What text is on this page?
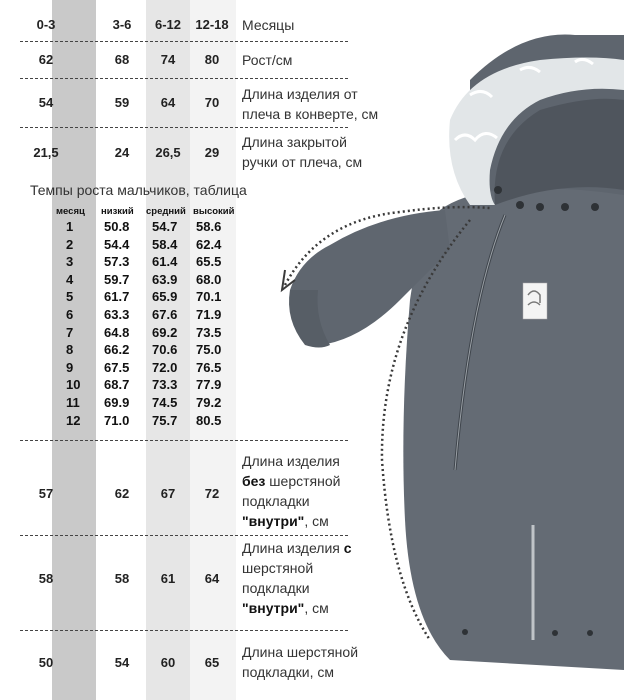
0-3	3-6	6-12	12-18 Месяцы
62	68	74	80	Рост/см
54	59	64	70
Длина изделия от плеча в конверте, см
21,5	24	26,5	29
Длина закрытой ручки от плеча, см
Темпы роста мальчиков, таблица
месяц низкий средний высокий
1 50.8 54.7 58.6
2 54.4 58.4 62.4
3 57.3 61.4 65.5
4 59.7 63.9 68.0
5 61.7 65.9 70.1
6 63.3 67.6 71.9
7 64.8 69.2 73.5
8 66.2 70.6 75.0
9 67.5 72.0 76.5
10 68.7 73.3 77.9
11 69.9 74.5 79.2
12 71.0 75.7 80.5
57	62	67	72
Длина изделия
без шерстяной подкладки
"внутри", см
58	58	61	64
Длина изделия с
шерстяной подкладки
"внутри", см
50	54	60	65
Длина шерстяной подкладки, см
